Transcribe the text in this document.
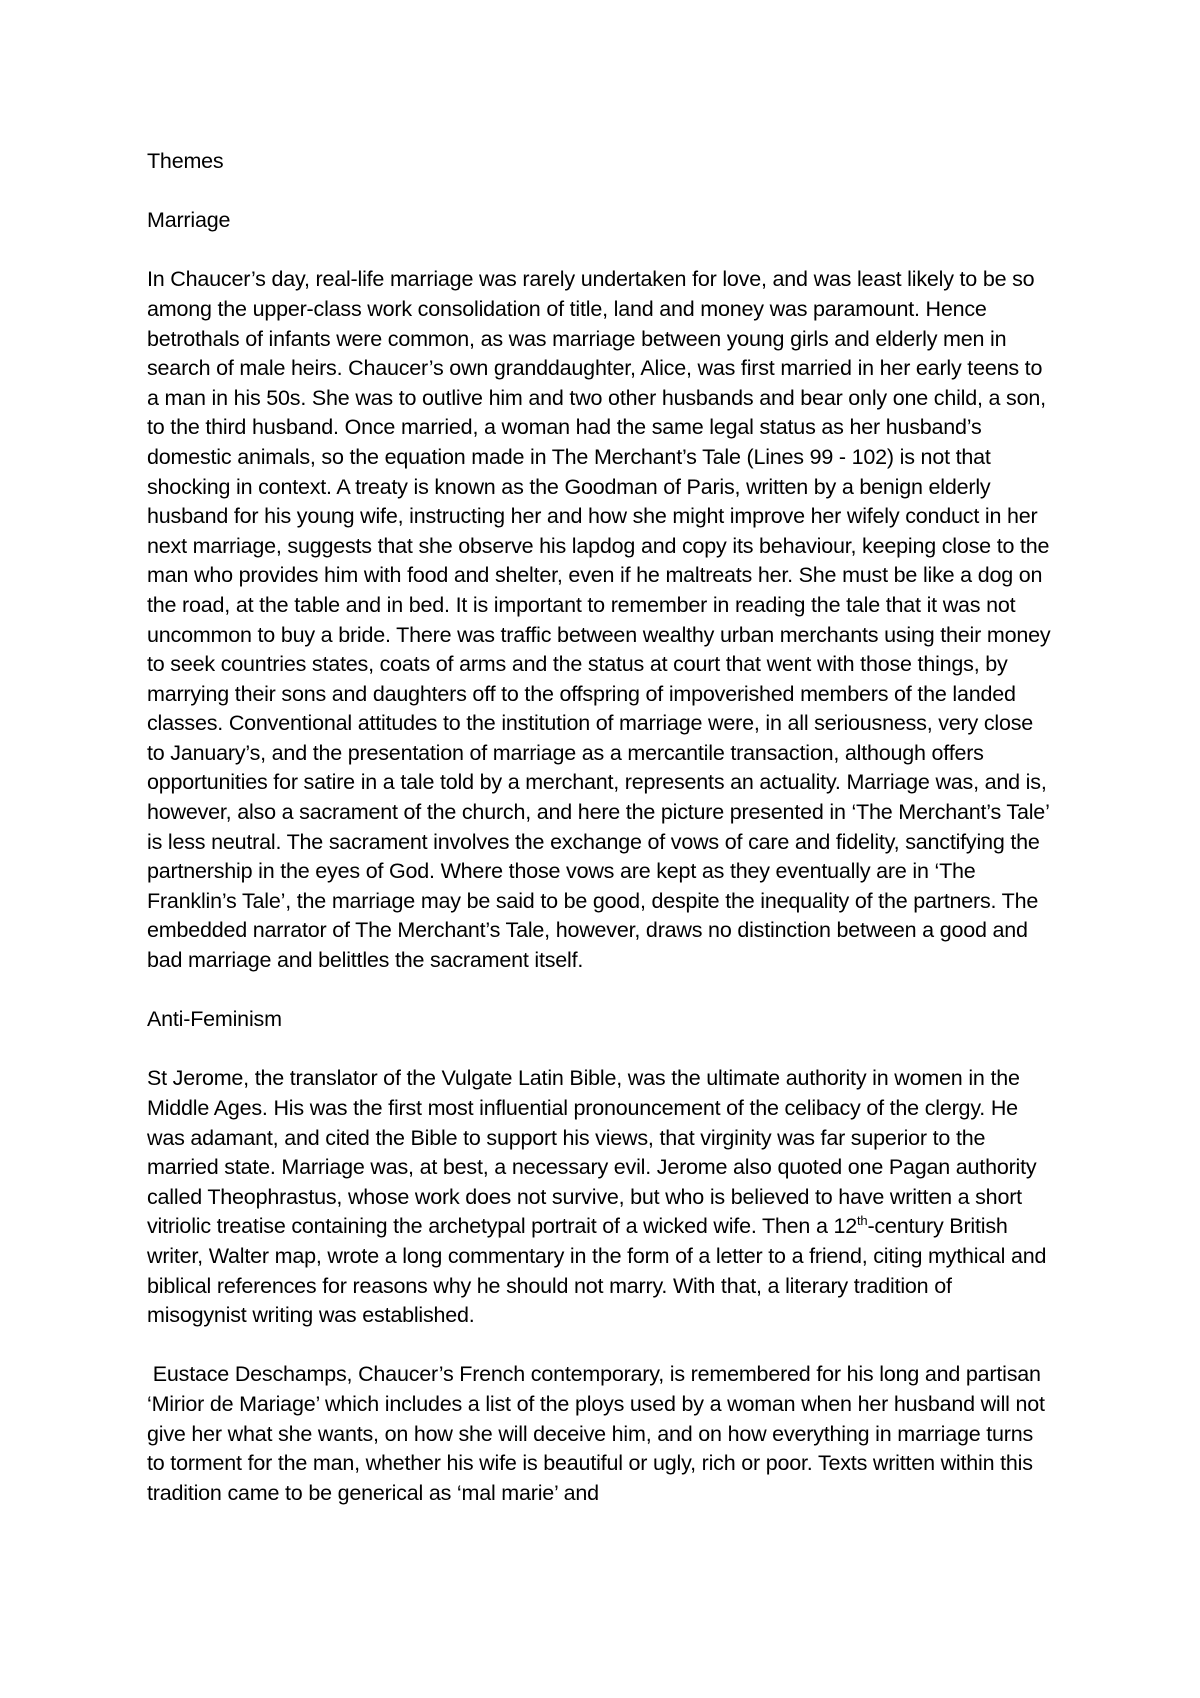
Themes
Marriage
In Chaucer’s day, real-life marriage was rarely undertaken for love, and was least likely to be so among the upper-class work consolidation of title, land and money was paramount. Hence betrothals of infants were common, as was marriage between young girls and elderly men in search of male heirs. Chaucer’s own granddaughter, Alice, was first married in her early teens to a man in his 50s. She was to outlive him and two other husbands and bear only one child, a son, to the third husband. Once married, a woman had the same legal status as her husband’s domestic animals, so the equation made in The Merchant’s Tale (Lines 99 - 102) is not that shocking in context. A treaty is known as the Goodman of Paris, written by a benign elderly husband for his young wife, instructing her and how she might improve her wifely conduct in her next marriage, suggests that she observe his lapdog and copy its behaviour, keeping close to the man who provides him with food and shelter, even if he maltreats her. She must be like a dog on the road, at the table and in bed. It is important to remember in reading the tale that it was not uncommon to buy a bride. There was traffic between wealthy urban merchants using their money to seek countries states, coats of arms and the status at court that went with those things, by marrying their sons and daughters off to the offspring of impoverished members of the landed classes. Conventional attitudes to the institution of marriage were, in all seriousness, very close to January’s, and the presentation of marriage as a mercantile transaction, although offers opportunities for satire in a tale told by a merchant, represents an actuality. Marriage was, and is, however, also a sacrament of the church, and here the picture presented in ‘The Merchant’s Tale’ is less neutral. The sacrament involves the exchange of vows of care and fidelity, sanctifying the partnership in the eyes of God. Where those vows are kept as they eventually are in ‘The Franklin’s Tale’, the marriage may be said to be good, despite the inequality of the partners. The embedded narrator of The Merchant’s Tale, however, draws no distinction between a good and bad marriage and belittles the sacrament itself.
Anti-Feminism
St Jerome, the translator of the Vulgate Latin Bible, was the ultimate authority in women in the Middle Ages. His was the first most influential pronouncement of the celibacy of the clergy. He was adamant, and cited the Bible to support his views, that virginity was far superior to the married state. Marriage was, at best, a necessary evil. Jerome also quoted one Pagan authority called Theophrastus, whose work does not survive, but who is believed to have written a short vitriolic treatise containing the archetypal portrait of a wicked wife. Then a 12th-century British writer, Walter map, wrote a long commentary in the form of a letter to a friend, citing mythical and biblical references for reasons why he should not marry. With that, a literary tradition of misogynist writing was established.
Eustace Deschamps, Chaucer’s French contemporary, is remembered for his long and partisan ‘Mirior de Mariage’ which includes a list of the ploys used by a woman when her husband will not give her what she wants, on how she will deceive him, and on how everything in marriage turns to torment for the man, whether his wife is beautiful or ugly, rich or poor. Texts written within this tradition came to be generical as ‘mal marie’ and
